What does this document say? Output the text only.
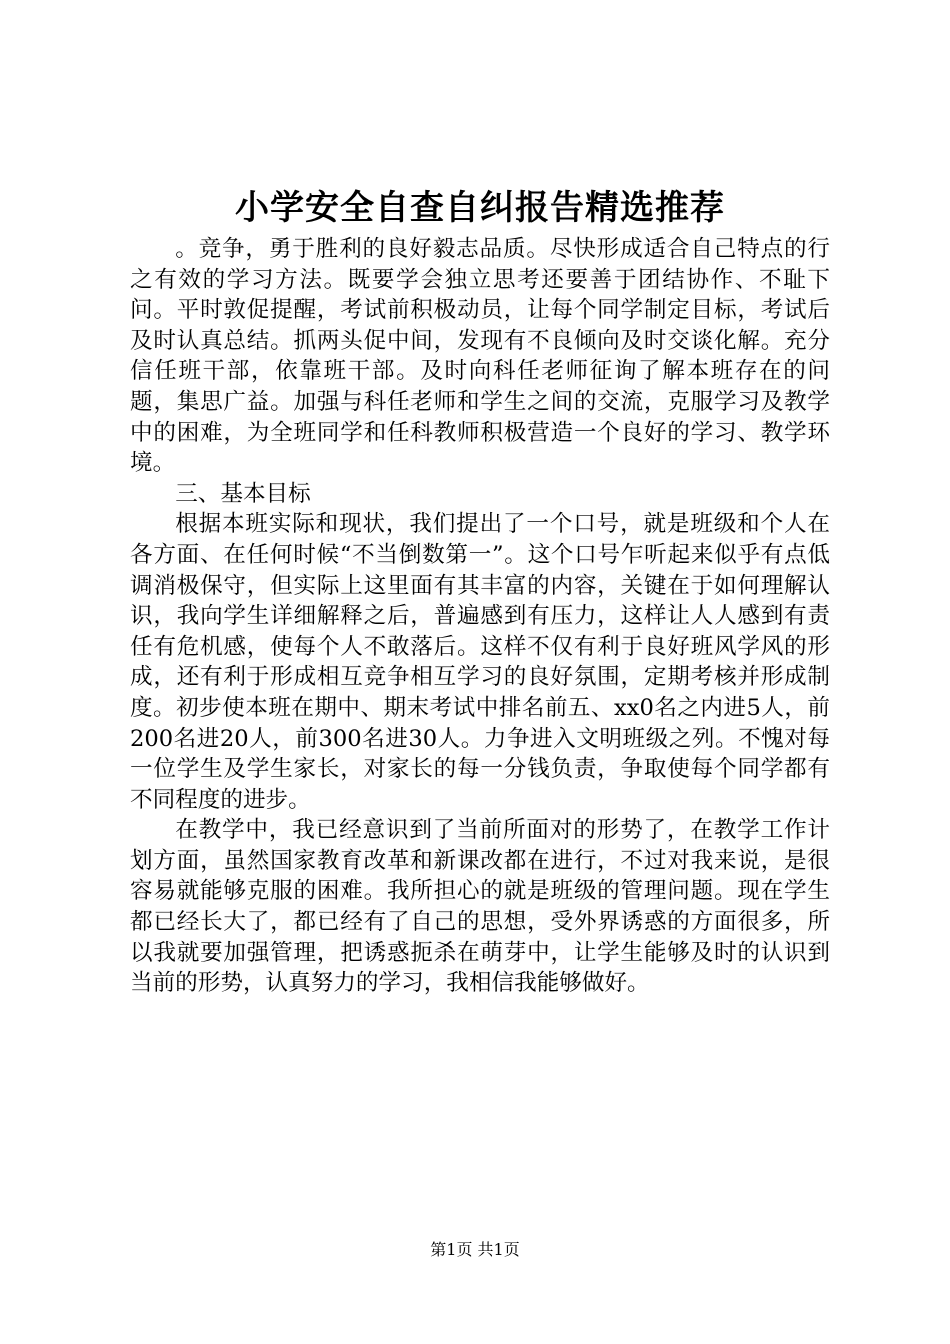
小学安全自查自纠报告精选推荐

。竞争，勇于胜利的良好毅志品质。尽快形成适合自己特点的行之有效的学习方法。既要学会独立思考还要善于团结协作、不耻下问。平时敦促提醒，考试前积极动员，让每个同学制定目标，考试后及时认真总结。抓两头促中间，发现有不良倾向及时交谈化解。充分信任班干部，依靠班干部。及时向科任老师征询了解本班存在的问题，集思广益。加强与科任老师和学生之间的交流，克服学习及教学中的困难，为全班同学和任科教师积极营造一个良好的学习、教学环境。

三、基本目标

根据本班实际和现状，我们提出了一个口号，就是班级和个人在各方面、在任何时候“不当倒数第一”。这个口号乍听起来似乎有点低调消极保守，但实际上这里面有其丰富的内容，关键在于如何理解认识，我向学生详细解释之后，普遍感到有压力，这样让人人感到有责任有危机感，使每个人不敢落后。这样不仅有利于良好班风学风的形成，还有利于形成相互竞争相互学习的良好氛围，定期考核并形成制度。初步使本班在期中、期末考试中排名前五、xx0名之内进5人，前200名进20人，前300名进30人。力争进入文明班级之列。不愧对每一位学生及学生家长，对家长的每一分钱负责，争取使每个同学都有不同程度的进步。

在教学中，我已经意识到了当前所面对的形势了，在教学工作计划方面，虽然国家教育改革和新课改都在进行，不过对我来说，是很容易就能够克服的困难。我所担心的就是班级的管理问题。现在学生都已经长大了，都已经有了自己的思想，受外界诱惑的方面很多，所以我就要加强管理，把诱惑扼杀在萌芽中，让学生能够及时的认识到当前的形势，认真努力的学习，我相信我能够做好。

第1页 共1页
